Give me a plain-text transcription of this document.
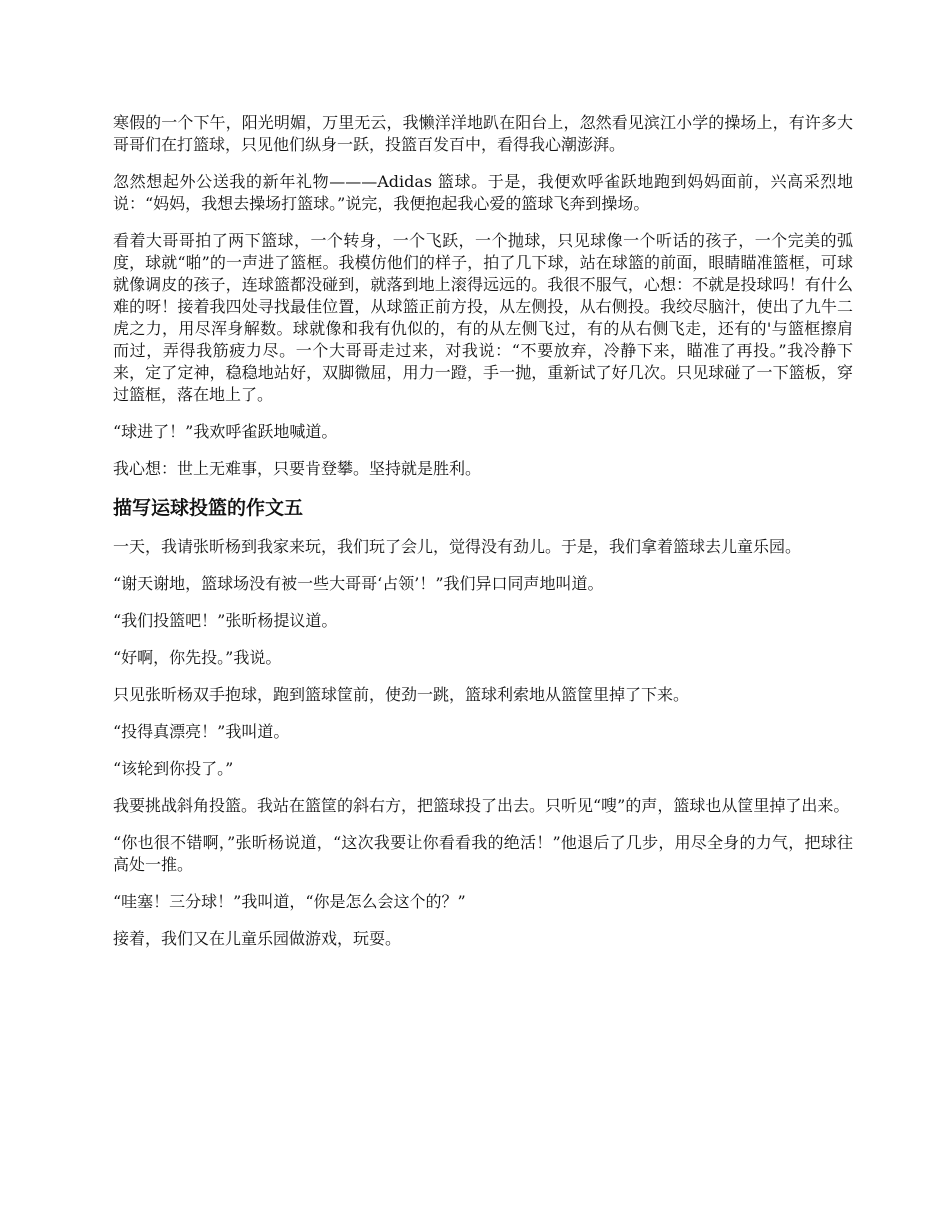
寒假的一个下午，阳光明媚，万里无云，我懒洋洋地趴在阳台上，忽然看见滨江小学的操场上，有许多大哥哥们在打篮球，只见他们纵身一跃，投篮百发百中，看得我心潮澎湃。

忽然想起外公送我的新年礼物———Adidas 篮球。于是，我便欢呼雀跃地跑到妈妈面前，兴高采烈地说：“妈妈，我想去操场打篮球。”说完，我便抱起我心爱的篮球飞奔到操场。

看着大哥哥拍了两下篮球，一个转身，一个飞跃，一个抛球，只见球像一个听话的孩子，一个完美的弧度，球就“啪”的一声进了篮框。我模仿他们的样子，拍了几下球，站在球篮的前面，眼睛瞄准篮框，可球就像调皮的孩子，连球篮都没碰到，就落到地上滚得远远的。我很不服气，心想：不就是投球吗！有什么难的呀！接着我四处寻找最佳位置，从球篮正前方投，从左侧投，从右侧投。我绞尽脑汁，使出了九牛二虎之力，用尽浑身解数。球就像和我有仇似的，有的从左侧飞过，有的从右侧飞走，还有的'与篮框擦肩而过，弄得我筋疲力尽。一个大哥哥走过来，对我说：“不要放弃，冷静下来，瞄准了再投。”我冷静下来，定了定神，稳稳地站好，双脚微屈，用力一蹬，手一抛，重新试了好几次。只见球碰了一下篮板，穿过篮框，落在地上了。

“球进了！”我欢呼雀跃地喊道。

我心想：世上无难事，只要肯登攀。坚持就是胜利。

描写运球投篮的作文五

一天，我请张昕杨到我家来玩，我们玩了会儿，觉得没有劲儿。于是，我们拿着篮球去儿童乐园。

“谢天谢地，篮球场没有被一些大哥哥‘占领’！”我们异口同声地叫道。

“我们投篮吧！”张昕杨提议道。

“好啊，你先投。”我说。

只见张昕杨双手抱球，跑到篮球筐前，使劲一跳，篮球利索地从篮筐里掉了下来。

“投得真漂亮！”我叫道。

“该轮到你投了。”

我要挑战斜角投篮。我站在篮筐的斜右方，把篮球投了出去。只听见“嗖”的声，篮球也从筐里掉了出来。

“你也很不错啊，”张昕杨说道，“这次我要让你看看我的绝活！”他退后了几步，用尽全身的力气，把球往高处一推。

“哇塞！三分球！”我叫道，“你是怎么会这个的？”

接着，我们又在儿童乐园做游戏，玩耍。
